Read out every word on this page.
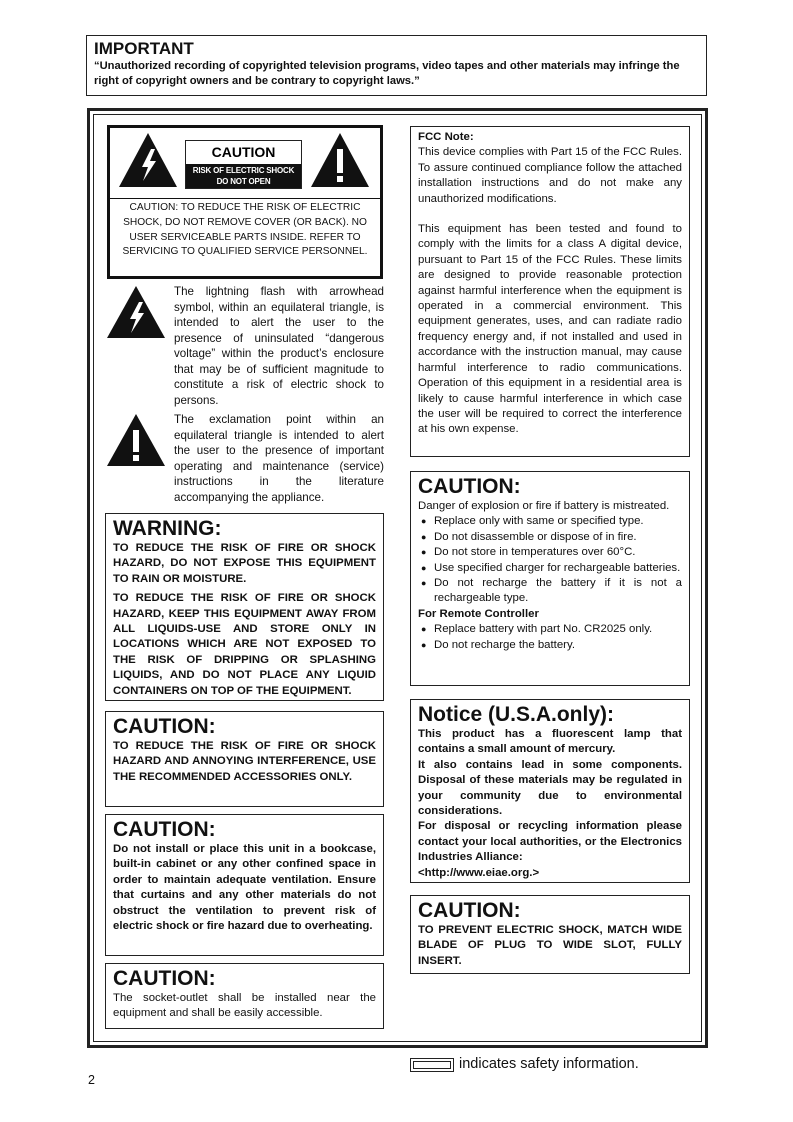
IMPORTANT

“Unauthorized recording of copyrighted television programs, video tapes and other materials may infringe the right of copyright owners and be contrary to copyright laws.”

CAUTION
RISK OF ELECTRIC SHOCK
DO NOT OPEN
CAUTION: TO REDUCE THE RISK OF ELECTRIC SHOCK, DO NOT REMOVE COVER (OR BACK). NO USER SERVICEABLE PARTS INSIDE. REFER TO SERVICING TO QUALIFIED SERVICE PERSONNEL.
The lightning flash with arrowhead symbol, within an equilateral triangle, is intended to alert the user to the presence of uninsulated “dangerous voltage” within the product’s enclosure that may be of sufficient magnitude to constitute a risk of electric shock to persons.
The exclamation point within an equilateral triangle is intended to alert the user to the presence of important operating and maintenance (service) instructions in the literature accompanying the appliance.
WARNING:

TO REDUCE THE RISK OF FIRE OR SHOCK HAZARD, DO NOT EXPOSE THIS EQUIPMENT TO RAIN OR MOISTURE.

TO REDUCE THE RISK OF FIRE OR SHOCK HAZARD, KEEP THIS EQUIPMENT AWAY FROM ALL LIQUIDS-USE AND STORE ONLY IN LOCATIONS WHICH ARE NOT EXPOSED TO THE RISK OF DRIPPING OR SPLASHING LIQUIDS, AND DO NOT PLACE ANY LIQUID CONTAINERS ON TOP OF THE EQUIPMENT.

CAUTION:

TO REDUCE THE RISK OF FIRE OR SHOCK HAZARD AND ANNOYING INTERFERENCE, USE THE RECOMMENDED ACCESSORIES ONLY.

CAUTION:

Do not install or place this unit in a bookcase, built-in cabinet or any other confined space in order to maintain adequate ventilation. Ensure that curtains and any other materials do not obstruct the ventilation to prevent risk of electric shock or fire hazard due to overheating.

CAUTION:

The socket-outlet shall be installed near the equipment and shall be easily accessible.

FCC Note:

This device complies with Part 15 of the FCC Rules. To assure continued compliance follow the attached installation instructions and do not make any unauthorized modifications.

This equipment has been tested and found to comply with the limits for a class A digital device, pursuant to Part 15 of the FCC Rules. These limits are designed to provide reasonable protection against harmful interference when the equipment is operated in a commercial environment. This equipment generates, uses, and can radiate radio frequency energy and, if not installed and used in accordance with the instruction manual, may cause harmful interference to radio communications. Operation of this equipment in a residential area is likely to cause harmful interference in which case the user will be required to correct the interference at his own expense.

CAUTION:

Danger of explosion or fire if battery is mistreated.

● Replace only with same or specified type.
● Do not disassemble or dispose of in fire.
● Do not store in temperatures over 60°C.
● Use specified charger for rechargeable batteries.
● Do not recharge the battery if it is not a rechargeable type.

For Remote Controller

● Replace battery with part No. CR2025 only.
● Do not recharge the battery.
Notice (U.S.A.only):

This product has a fluorescent lamp that contains a small amount of mercury.

It also contains lead in some components. Disposal of these materials may be regulated in your community due to environmental considerations.

For disposal or recycling information please contact your local authorities, or the Electronics Industries Alliance:

<http://www.eiae.org.>

CAUTION:

TO PREVENT ELECTRIC SHOCK, MATCH WIDE BLADE OF PLUG TO WIDE SLOT, FULLY INSERT.

indicates safety information.
2
